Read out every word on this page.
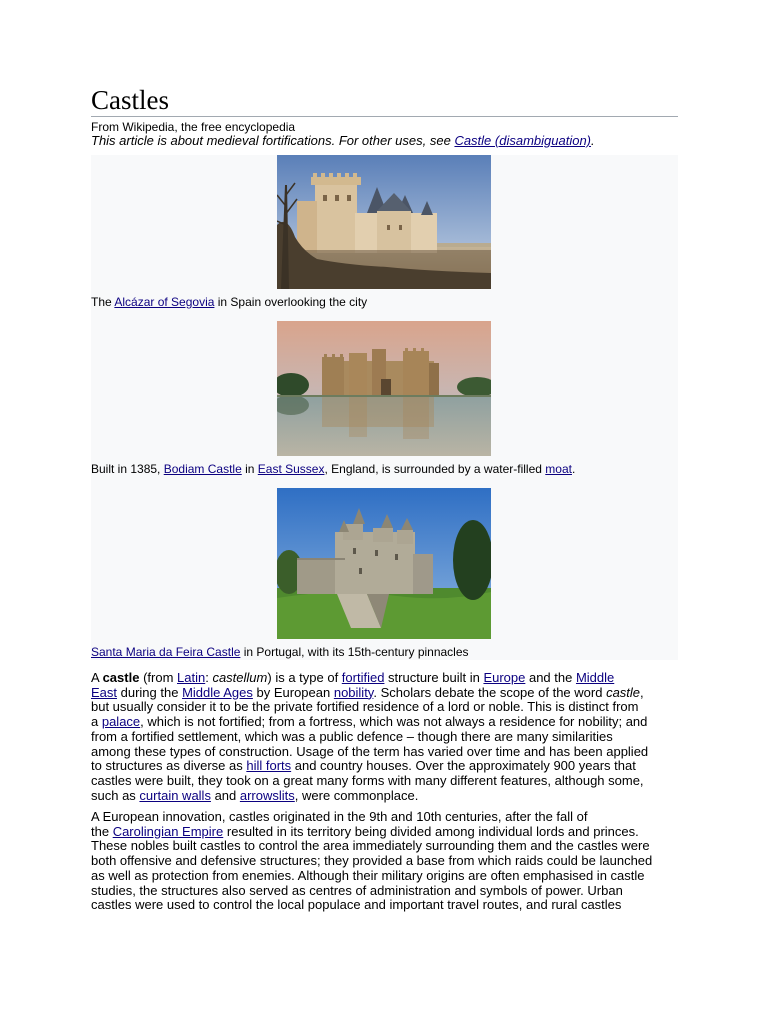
Castles
From Wikipedia, the free encyclopedia
This article is about medieval fortifications. For other uses, see Castle (disambiguation).
The Alcázar of Segovia in Spain overlooking the city
Built in 1385, Bodiam Castle in East Sussex, England, is surrounded by a water-filled moat.
Santa Maria da Feira Castle in Portugal, with its 15th-century pinnacles

A castle (from Latin: castellum) is a type of fortified structure built in Europe and the Middle

East during the Middle Ages by European nobility. Scholars debate the scope of the word castle,

but usually consider it to be the private fortified residence of a lord or noble. This is distinct from

a palace, which is not fortified; from a fortress, which was not always a residence for nobility; and

from a fortified settlement, which was a public defence – though there are many similarities

among these types of construction. Usage of the term has varied over time and has been applied

to structures as diverse as hill forts and country houses. Over the approximately 900 years that

castles were built, they took on a great many forms with many different features, although some,

such as curtain walls and arrowslits, were commonplace.

A European innovation, castles originated in the 9th and 10th centuries, after the fall of

the Carolingian Empire resulted in its territory being divided among individual lords and princes.

These nobles built castles to control the area immediately surrounding them and the castles were

both offensive and defensive structures; they provided a base from which raids could be launched

as well as protection from enemies. Although their military origins are often emphasised in castle

studies, the structures also served as centres of administration and symbols of power. Urban

castles were used to control the local populace and important travel routes, and rural castles
